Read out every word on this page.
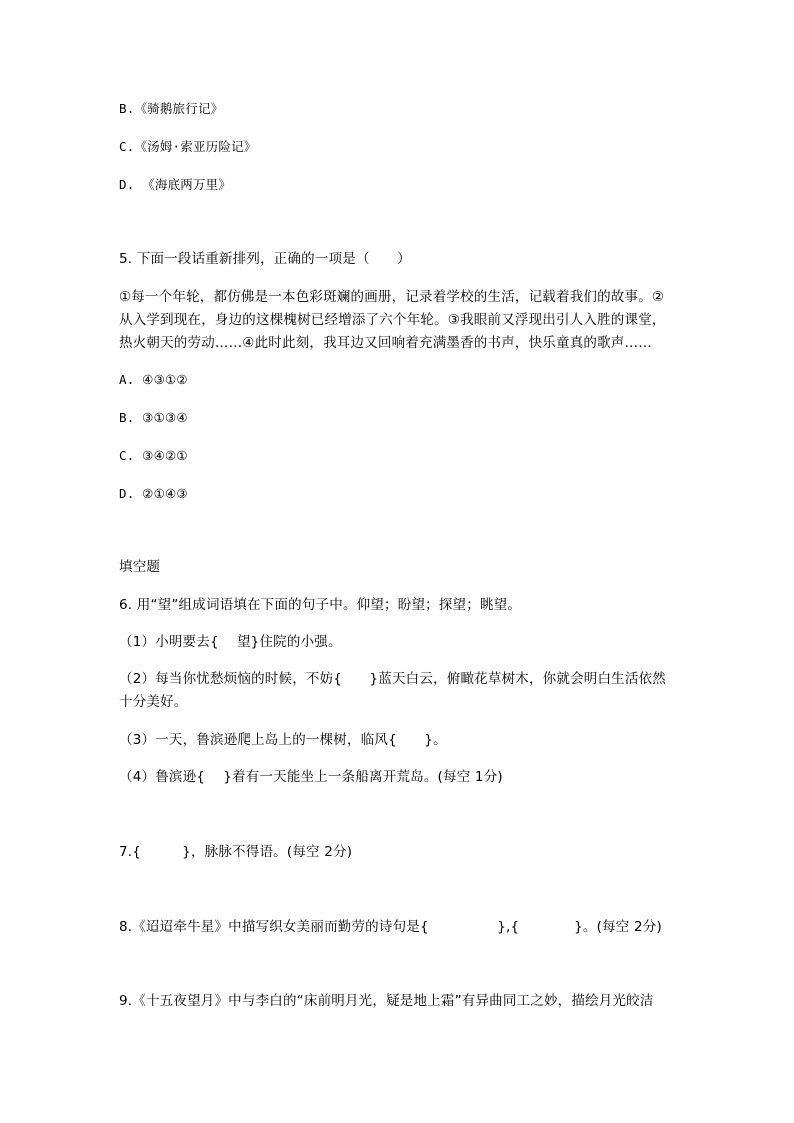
B.《骑鹅旅行记》
C.《汤姆·索亚历险记》
D. 《海底两万里》
5. 下面一段话重新排列，正确的一项是（　　）
①每一个年轮，都仿佛是一本色彩斑斓的画册，记录着学校的生活，记载着我们的故事。②
从入学到现在，身边的这棵槐树已经增添了六个年轮。③我眼前又浮现出引人入胜的课堂，
热火朝天的劳动……④此时此刻，我耳边又回响着充满墨香的书声，快乐童真的歌声……
A. ④③①②
B. ③①③④
C. ③④②①
D. ②①④③
填空题
6. 用“望”组成词语填在下面的句子中。仰望；盼望；探望；眺望。
（1）小明要去{　 望}住院的小强。
（2）每当你忧愁烦恼的时候，不妨{　　}蓝天白云，俯瞰花草树木，你就会明白生活依然
十分美好。
（3）一天，鲁滨逊爬上岛上的一棵树，临风{　　}。
（4）鲁滨逊{　 }着有一天能坐上一条船离开荒岛。(每空 1分)
7.{　　　}，脉脉不得语。(每空 2分)
8.《迢迢牵牛星》中描写织女美丽而勤劳的诗句是{　　　　　},{　　　　}。(每空 2分)
9.《十五夜望月》中与李白的“床前明月光，疑是地上霜”有异曲同工之妙，描绘月光皎洁
